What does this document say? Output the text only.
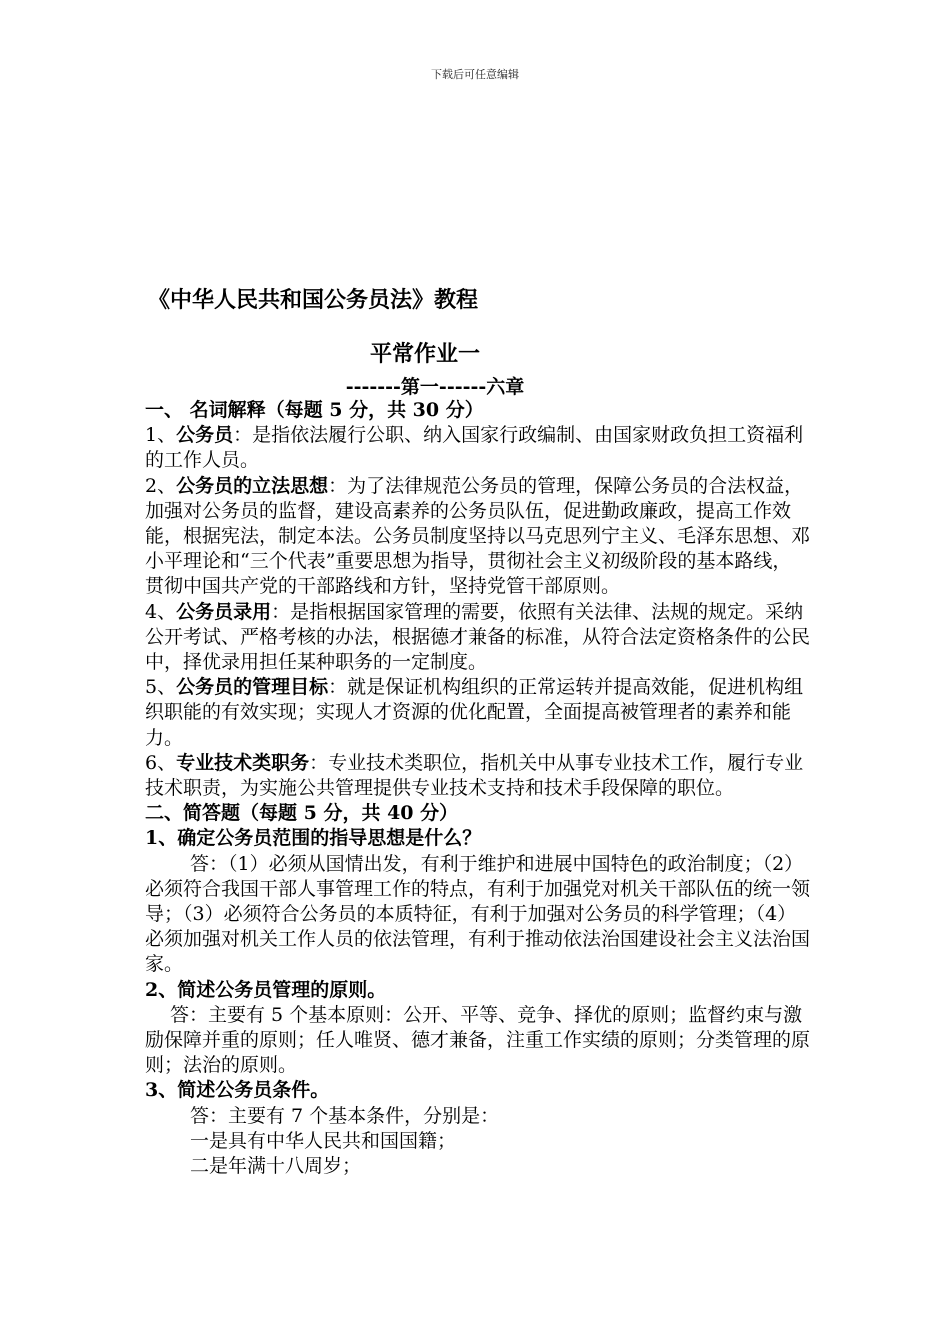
下载后可任意编辑
《中华人民共和国公务员法》教程
平常作业一
-------第一------六章

一、 名词解释（每题 5 分，共 30 分）

1、公务员：是指依法履行公职、纳入国家行政编制、由国家财政负担工资福利的工作人员。

2、公务员的立法思想：为了法律规范公务员的管理，保障公务员的合法权益，加强对公务员的监督，建设高素养的公务员队伍，促进勤政廉政，提高工作效能，根据宪法，制定本法。公务员制度坚持以马克思列宁主义、毛泽东思想、邓小平理论和“三个代表”重要思想为指导，贯彻社会主义初级阶段的基本路线，贯彻中国共产党的干部路线和方针，坚持党管干部原则。

4、公务员录用：是指根据国家管理的需要，依照有关法律、法规的规定。采纳公开考试、严格考核的办法，根据德才兼备的标准，从符合法定资格条件的公民中，择优录用担任某种职务的一定制度。

5、公务员的管理目标：就是保证机构组织的正常运转并提高效能，促进机构组织职能的有效实现；实现人才资源的优化配置，全面提高被管理者的素养和能力。

6、专业技术类职务：专业技术类职位，指机关中从事专业技术工作，履行专业技术职责，为实施公共管理提供专业技术支持和技术手段保障的职位。

二、简答题（每题 5 分，共 40 分）

1、确定公务员范围的指导思想是什么？

答：（1）必须从国情出发，有利于维护和进展中国特色的政治制度；（2）必须符合我国干部人事管理工作的特点，有利于加强党对机关干部队伍的统一领导；（3）必须符合公务员的本质特征，有利于加强对公务员的科学管理；（4）必须加强对机关工作人员的依法管理，有利于推动依法治国建设社会主义法治国家。

2、简述公务员管理的原则。

答：主要有 5 个基本原则：公开、平等、竞争、择优的原则；监督约束与激励保障并重的原则；任人唯贤、德才兼备，注重工作实绩的原则；分类管理的原则；法治的原则。

3、简述公务员条件。

答：主要有 7 个基本条件，分别是：

一是具有中华人民共和国国籍；

二是年满十八周岁；
